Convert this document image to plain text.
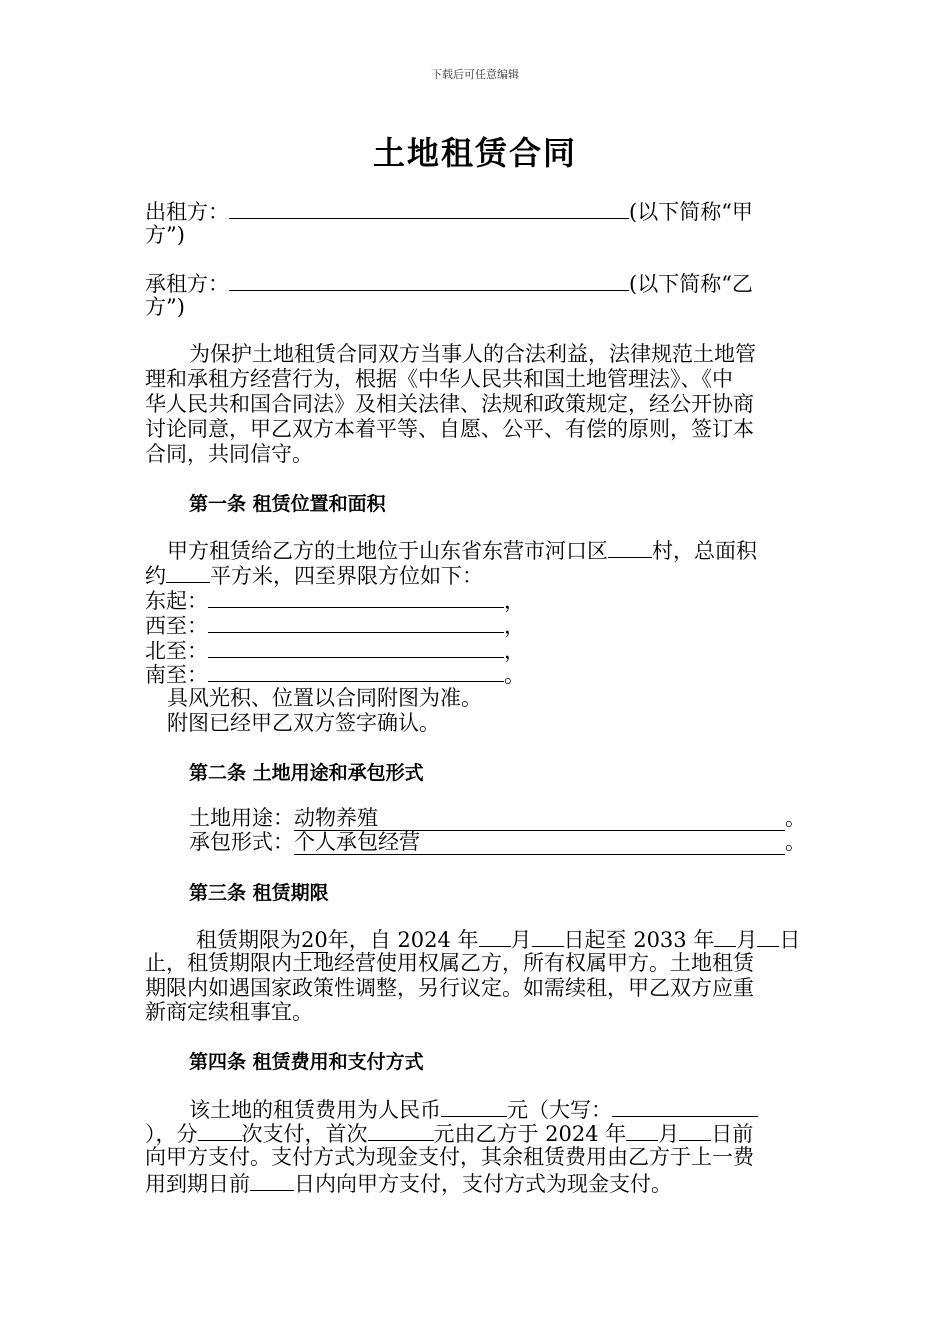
下载后可任意编辑
土地租赁合同
出租方：	(以下简称“甲
方”)
承租方：	(以下简称“乙
方”)
为保护土地租赁合同双方当事人的合法利益，法律规范土地管
理和承租方经营行为，根据《中华人民共和国土地管理法》、《中
华人民共和国合同法》及相关法律、法规和政策规定，经公开协商
讨论同意，甲乙双方本着平等、自愿、公平、有偿的原则，签订本
合同，共同信守。
第一条 租赁位置和面积
甲方租赁给乙方的土地位于山东省东营市河口区 村，总面积
约 平方米，四至界限方位如下：
东起：	，
西至：	，
北至：	，
南至：	。
具风光积、位置以合同附图为准。
附图已经甲乙双方签字确认。
第二条 土地用途和承包形式
土地用途：动物养殖	。
承包形式：个人承包经营	。
第三条 租赁期限
租赁期限为20年，自 2024 年 月 日起至 2033 年 月 日
止，租赁期限内土地经营使用权属乙方，所有权属甲方。土地租赁
期限内如遇国家政策性调整，另行议定。如需续租，甲乙双方应重
新商定续租事宜。
第四条 租赁费用和支付方式
该土地的租赁费用为人民币	元（大写：
），分 次支付，首次	元由乙方于 2024 年 月 日前
向甲方支付。支付方式为现金支付，其余租赁费用由乙方于上一费
用到期日前 日内向甲方支付，支付方式为现金支付。
